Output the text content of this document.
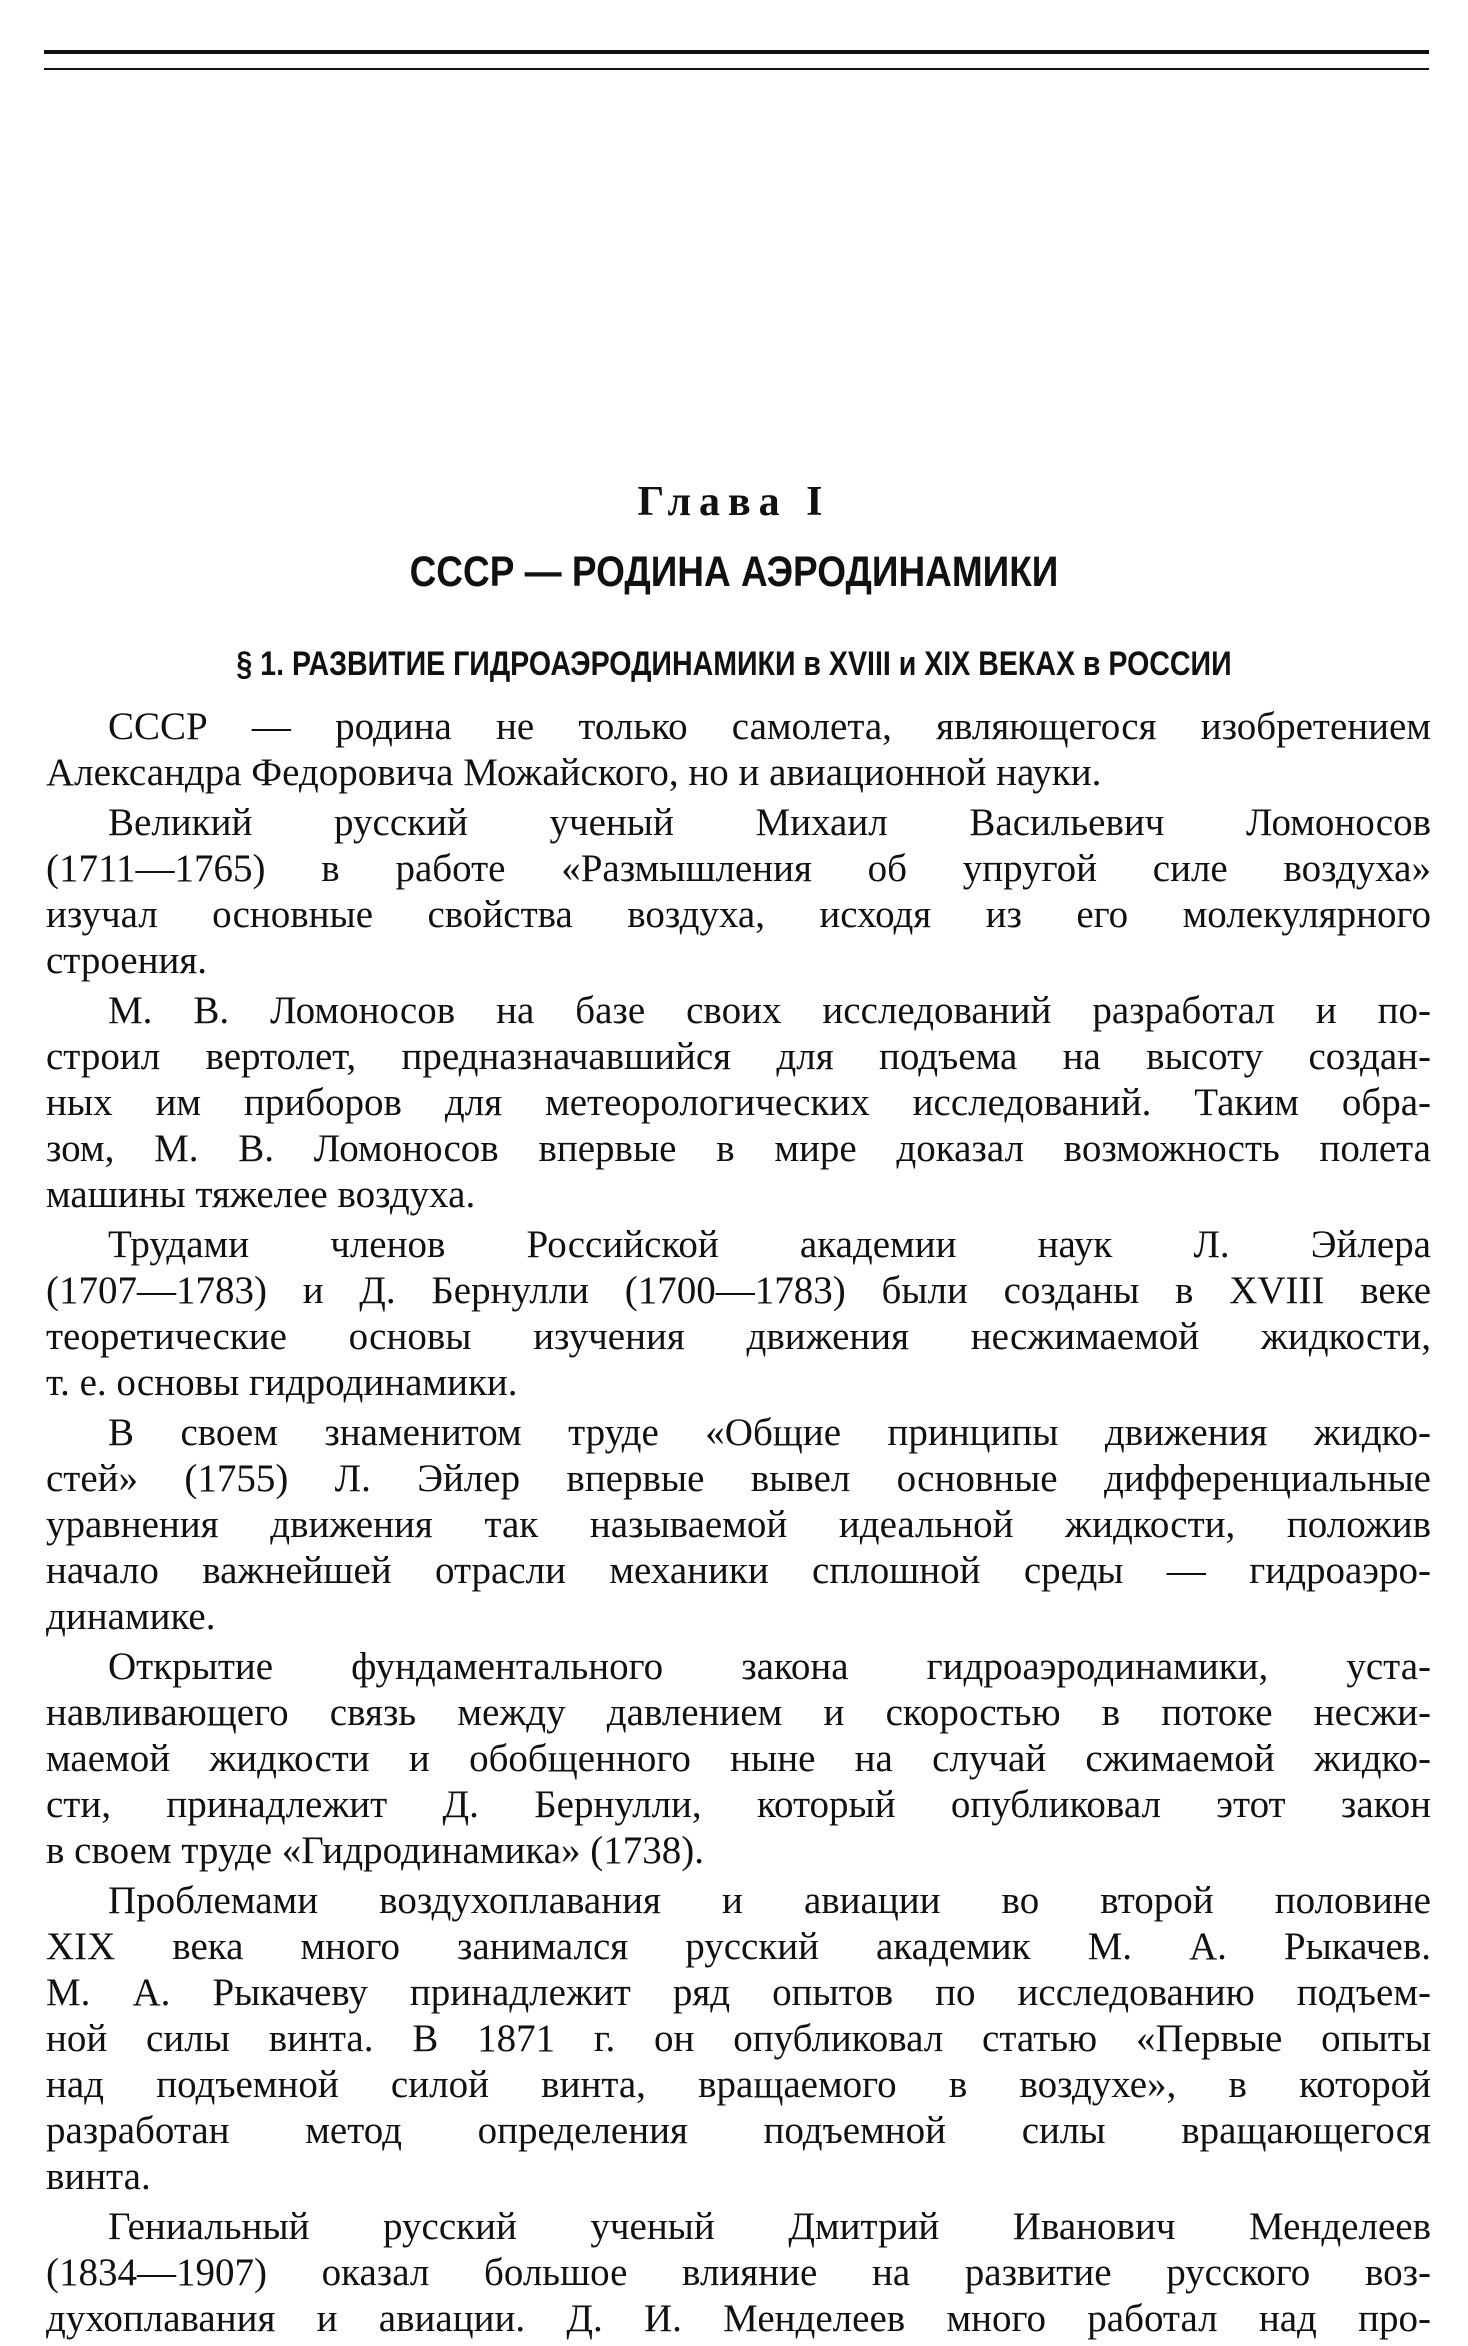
Глава I
СССР — РОДИНА АЭРОДИНАМИКИ
§ 1. РАЗВИТИЕ ГИДРОАЭРОДИНАМИКИ в XVIII и XIX ВЕКАХ в РОССИИ
СССР — родина не только самолета, являющегося изобретением
Александра Федоровича Можайского, но и авиационной науки.
Великий русский ученый Михаил Васильевич Ломоносов
(1711—1765) в работе «Размышления об упругой силе воздуха»
изучал основные свойства воздуха, исходя из его молекулярного
строения.
М. В. Ломоносов на базе своих исследований разработал и по-
строил вертолет, предназначавшийся для подъема на высоту создан-
ных им приборов для метеорологических исследований. Таким обра-
зом, М. В. Ломоносов впервые в мире доказал возможность полета
машины тяжелее воздуха.
Трудами членов Российской академии наук Л. Эйлера
(1707—1783) и Д. Бернулли (1700—1783) были созданы в XVIII веке
теоретические основы изучения движения несжимаемой жидкости,
т. е. основы гидродинамики.
В своем знаменитом труде «Общие принципы движения жидко-
стей» (1755) Л. Эйлер впервые вывел основные дифференциальные
уравнения движения так называемой идеальной жидкости, положив
начало важнейшей отрасли механики сплошной среды — гидроаэро-
динамике.
Открытие фундаментального закона гидроаэродинамики, уста-
навливающего связь между давлением и скоростью в потоке несжи-
маемой жидкости и обобщенного ныне на случай сжимаемой жидко-
сти, принадлежит Д. Бернулли, который опубликовал этот закон
в своем труде «Гидродинамика» (1738).
Проблемами воздухоплавания и авиации во второй половине
XIX века много занимался русский академик М. А. Рыкачев.
М. А. Рыкачеву принадлежит ряд опытов по исследованию подъем-
ной силы винта. В 1871 г. он опубликовал статью «Первые опыты
над подъемной силой винта, вращаемого в воздухе», в которой
разработан метод определения подъемной силы вращающегося
винта.
Гениальный русский ученый Дмитрий Иванович Менделеев
(1834—1907) оказал большое влияние на развитие русского воз-
духоплавания и авиации. Д. И. Менделеев много работал над про-
